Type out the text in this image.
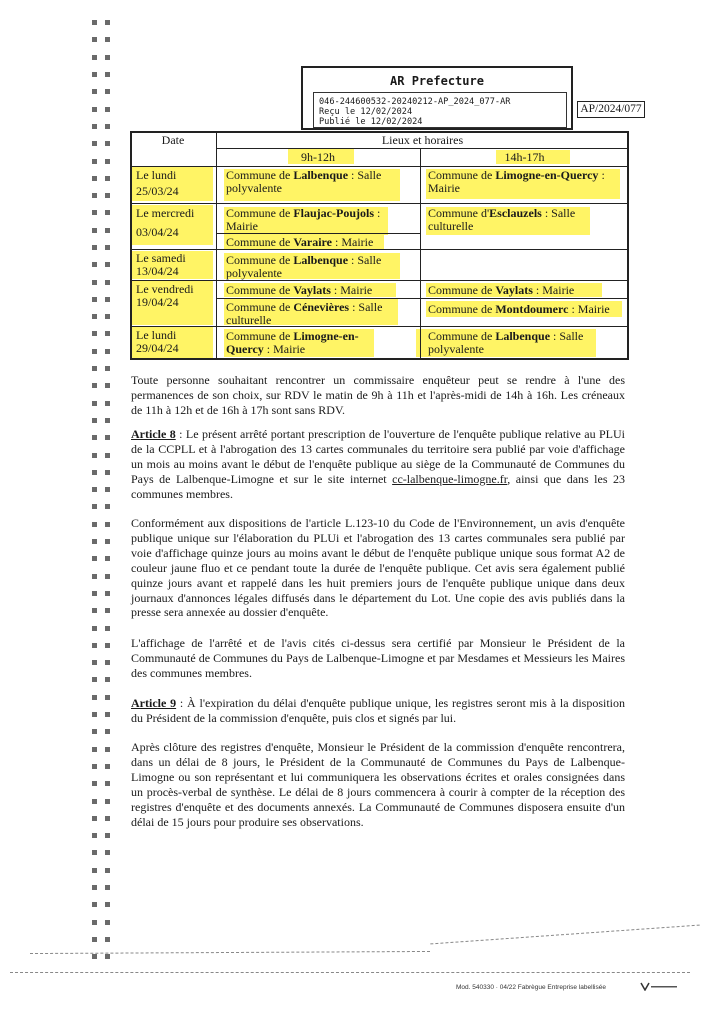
AR Prefecture
046-244600532-20240212-AP_2024_077-AR
Reçu le 12/02/2024
Publié le 12/02/2024
AP/2024/077
Date	Lieux et horaires
9h-12h	14h-17h
Le lundi
25/03/24
Commune de Lalbenque : Salle polyvalente
Commune de Limogne-en-Quercy : Mairie
Le mercredi
03/04/24
Commune de Flaujac-Poujols : Mairie
Commune de Varaire : Mairie
Commune d'Esclauzels : Salle culturelle
Le samedi
13/04/24
Commune de Lalbenque : Salle polyvalente
Le vendredi
19/04/24
Commune de Vaylats : Mairie
Commune de Cénevières : Salle culturelle
Commune de Vaylats : Mairie
Commune de Montdoumerc : Mairie
Le lundi
29/04/24
Commune de Limogne-en-Quercy : Mairie
Commune de Lalbenque : Salle polyvalente

Toute personne souhaitant rencontrer un commissaire enquêteur peut se rendre à l'une des permanences de son choix, sur RDV le matin de 9h à 11h et l'après-midi de 14h à 16h. Les créneaux de 11h à 12h et de 16h à 17h sont sans RDV.

Article 8 : Le présent arrêté portant prescription de l'ouverture de l'enquête publique relative au PLUi de la CCPLL et à l'abrogation des 13 cartes communales du territoire sera publié par voie d'affichage un mois au moins avant le début de l'enquête publique au siège de la Communauté de Communes du Pays de Lalbenque-Limogne et sur le site internet cc-lalbenque-limogne.fr, ainsi que dans les 23 communes membres.

Conformément aux dispositions de l'article L.123-10 du Code de l'Environnement, un avis d'enquête publique unique sur l'élaboration du PLUi et l'abrogation des 13 cartes communales sera publié par voie d'affichage quinze jours au moins avant le début de l'enquête publique unique sous format A2 de couleur jaune fluo et ce pendant toute la durée de l'enquête publique. Cet avis sera également publié quinze jours avant et rappelé dans les huit premiers jours de l'enquête publique unique dans deux journaux d'annonces légales diffusés dans le département du Lot. Une copie des avis publiés dans la presse sera annexée au dossier d'enquête.

L'affichage de l'arrêté et de l'avis cités ci-dessus sera certifié par Monsieur le Président de la Communauté de Communes du Pays de Lalbenque-Limogne et par Mesdames et Messieurs les Maires des communes membres.

Article 9 : À l'expiration du délai d'enquête publique unique, les registres seront mis à la disposition du Président de la commission d'enquête, puis clos et signés par lui.

Après clôture des registres d'enquête, Monsieur le Président de la commission d'enquête rencontrera, dans un délai de 8 jours, le Président de la Communauté de Communes du Pays de Lalbenque-Limogne ou son représentant et lui communiquera les observations écrites et orales consignées dans un procès-verbal de synthèse. Le délai de 8 jours commencera à courir à compter de la réception des registres d'enquête et des documents annexés. La Communauté de Communes disposera ensuite d'un délai de 15 jours pour produire ses observations.

Mod. 540330 · 04/22 Fabrègue Entreprise labellisée
